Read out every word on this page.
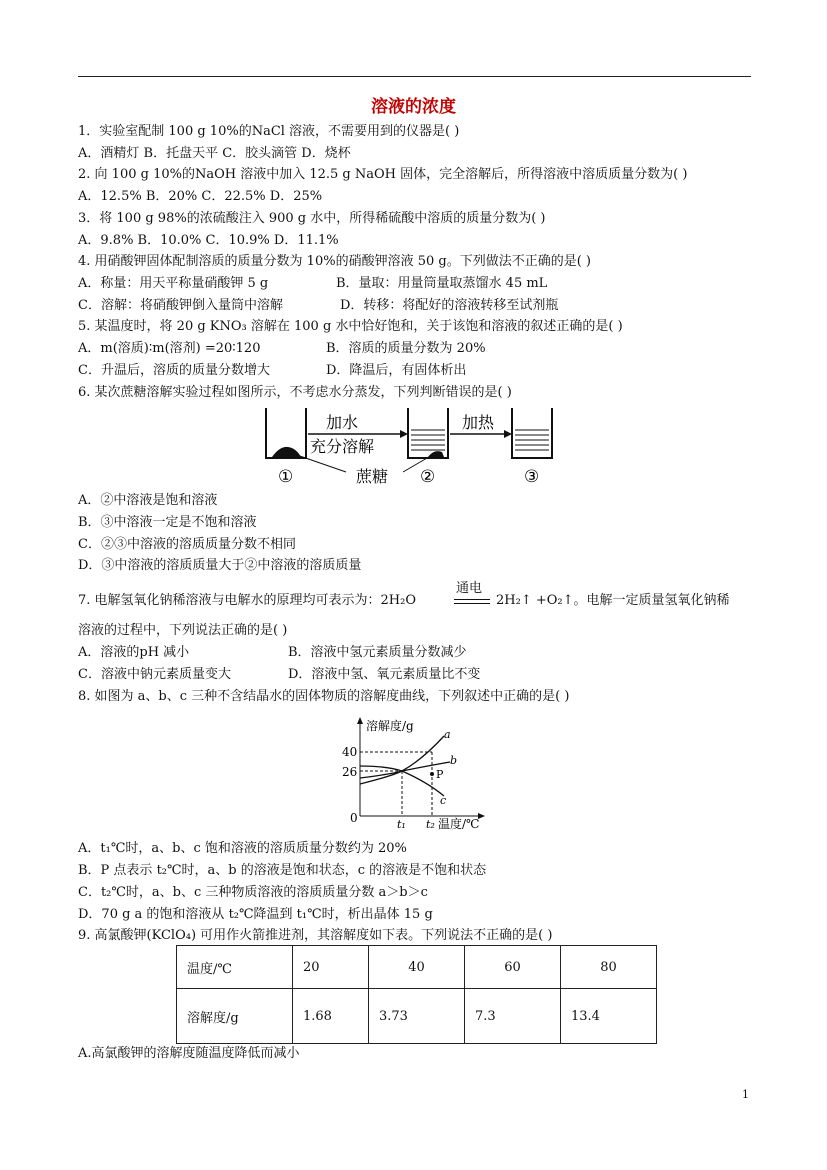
溶液的浓度
1．实验室配制 100 g 10%的NaCl 溶液，不需要用到的仪器是( )
A．酒精灯 B．托盘天平 C．胶头滴管 D．烧杯
2. 向 100 g 10%的NaOH 溶液中加入 12.5 g NaOH 固体，完全溶解后，所得溶液中溶质质量分数为( )
A．12.5% B．20% C．22.5% D．25%
3．将 100 g 98%的浓硫酸注入 900 g 水中，所得稀硫酸中溶质的质量分数为( )
A．9.8% B．10.0% C．10.9% D．11.1%
4. 用硝酸钾固体配制溶质的质量分数为 10%的硝酸钾溶液 50 g。下列做法不正确的是( )
A．称量：用天平称量硝酸钾 5 g	B．量取：用量筒量取蒸馏水 45 mL
C．溶解：将硝酸钾倒入量筒中溶解	D．转移：将配好的溶液转移至试剂瓶
5. 某温度时，将 20 g KNO₃ 溶解在 100 g 水中恰好饱和，关于该饱和溶液的叙述正确的是( )
A．m(溶质)∶m(溶剂) =20∶120	B．溶质的质量分数为 20%
C．升温后，溶质的质量分数增大	D．降温后，有固体析出
6. 某次蔗糖溶解实验过程如图所示，不考虑水分蒸发，下列判断错误的是( )
加水
充分溶解
加热
蔗糖
①	②	③
A．②中溶液是饱和溶液
B．③中溶液一定是不饱和溶液
C．②③中溶液的溶质质量分数不相同
D．③中溶液的溶质质量大于②中溶液的溶质质量
7. 电解氢氧化钠稀溶液与电解水的原理均可表示为：2H₂O
通电
2H₂↑ +O₂↑。电解一定质量氢氧化钠稀
溶液的过程中，下列说法正确的是( )
A．溶液的pH 减小	B．溶液中氢元素质量分数减少
C．溶液中钠元素质量变大	D．溶液中氢、氧元素质量比不变
8. 如图为 a、b、c 三种不含结晶水的固体物质的溶解度曲线，下列叙述中正确的是( )
溶解度/g
温度/℃
40
26
0	t₁ t₂
a
b
c
P
A．t₁℃时，a、b、c 饱和溶液的溶质质量分数约为 20%
B．P 点表示 t₂℃时，a、b 的溶液是饱和状态，c 的溶液是不饱和状态
C．t₂℃时，a、b、c 三种物质溶液的溶质质量分数 a＞b＞c
D．70 g a 的饱和溶液从 t₂℃降温到 t₁℃时，析出晶体 15 g
9. 高氯酸钾(KClO₄) 可用作火箭推进剂，其溶解度如下表。下列说法不正确的是( )
温度/℃	20	40	60	80
溶解度/g	1.68	3.73	7.3	13.4
A.高氯酸钾的溶解度随温度降低而减小
1
